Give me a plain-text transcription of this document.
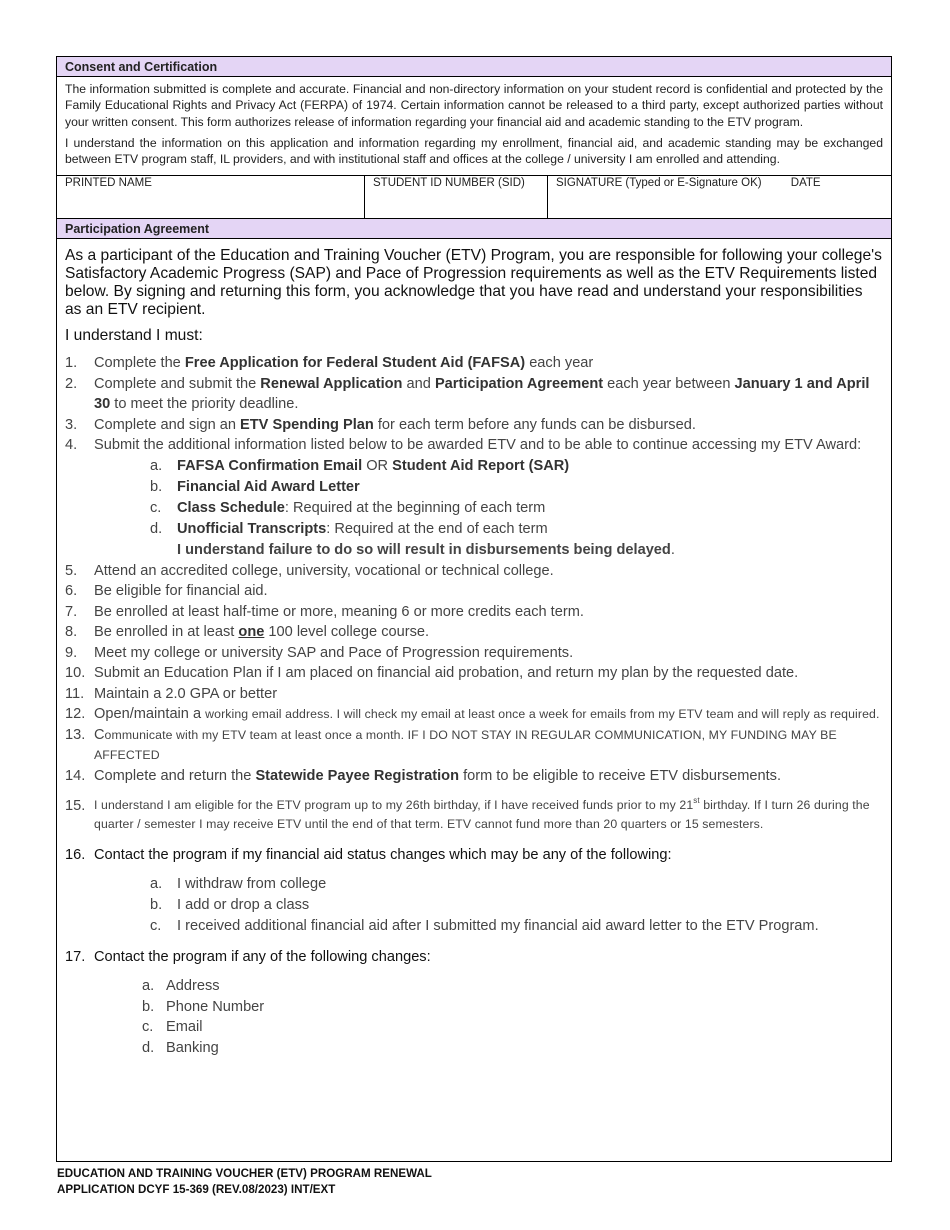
Consent and Certification

The information submitted is complete and accurate. Financial and non-directory information on your student record is confidential and protected by the Family Educational Rights and Privacy Act (FERPA) of 1974. Certain information cannot be released to a third party, except authorized parties without your written consent. This form authorizes release of information regarding your financial aid and academic standing to the ETV program.

I understand the information on this application and information regarding my enrollment, financial aid, and academic standing may be exchanged between ETV program staff, IL providers, and with institutional staff and offices at the college / university I am enrolled and attending.

PRINTED NAME	STUDENT ID NUMBER (SID)	SIGNATURE (Typed or E-Signature OK)	DATE
Participation Agreement

As a participant of the Education and Training Voucher (ETV) Program, you are responsible for following your college's Satisfactory Academic Progress (SAP) and Pace of Progression requirements as well as the ETV Requirements listed below. By signing and returning this form, you acknowledge that you have read and understand your responsibilities as an ETV recipient.

I understand I must:

1.	Complete the Free Application for Federal Student Aid (FAFSA) each year
2.	Complete and submit the Renewal Application and Participation Agreement each year between January 1 and April 30 to meet the priority deadline.
3.	Complete and sign an ETV Spending Plan for each term before any funds can be disbursed.
4.	Submit the additional information listed below to be awarded ETV and to be able to continue accessing my ETV Award:
a.	FAFSA Confirmation Email OR Student Aid Report (SAR)
b.	Financial Aid Award Letter
c.	Class Schedule: Required at the beginning of each term
d.	Unofficial Transcripts: Required at the end of each term
I understand failure to do so will result in disbursements being delayed.
5.	Attend an accredited college, university, vocational or technical college.
6.	Be eligible for financial aid.
7.	Be enrolled at least half-time or more, meaning 6 or more credits each term.
8.	Be enrolled in at least one 100 level college course.
9.	Meet my college or university SAP and Pace of Progression requirements.
10. Submit an Education Plan if I am placed on financial aid probation, and return my plan by the requested date.
11. Maintain a 2.0 GPA or better
12. Open/maintain a working email address. I will check my email at least once a week for emails from my ETV team and will reply as required.
13. Communicate with my ETV team at least once a month. IF I DO NOT STAY IN REGULAR COMMUNICATION, MY FUNDING MAY BE AFFECTED
14. Complete and return the Statewide Payee Registration form to be eligible to receive ETV disbursements.
15. I understand I am eligible for the ETV program up to my 26th birthday, if I have received funds prior to my 21st birthday. If I turn 26 during the quarter / semester I may receive ETV until the end of that term. ETV cannot fund more than 20 quarters or 15 semesters.
16. Contact the program if my financial aid status changes which may be any of the following:
a.	I withdraw from college
b.	I add or drop a class
c.	I received additional financial aid after I submitted my financial aid award letter to the ETV Program.
17. Contact the program if any of the following changes:
a. Address
b. Phone Number
c. Email
d. Banking
EDUCATION AND TRAINING VOUCHER (ETV) PROGRAM RENEWAL
APPLICATION DCYF 15-369 (REV.08/2023) INT/EXT
